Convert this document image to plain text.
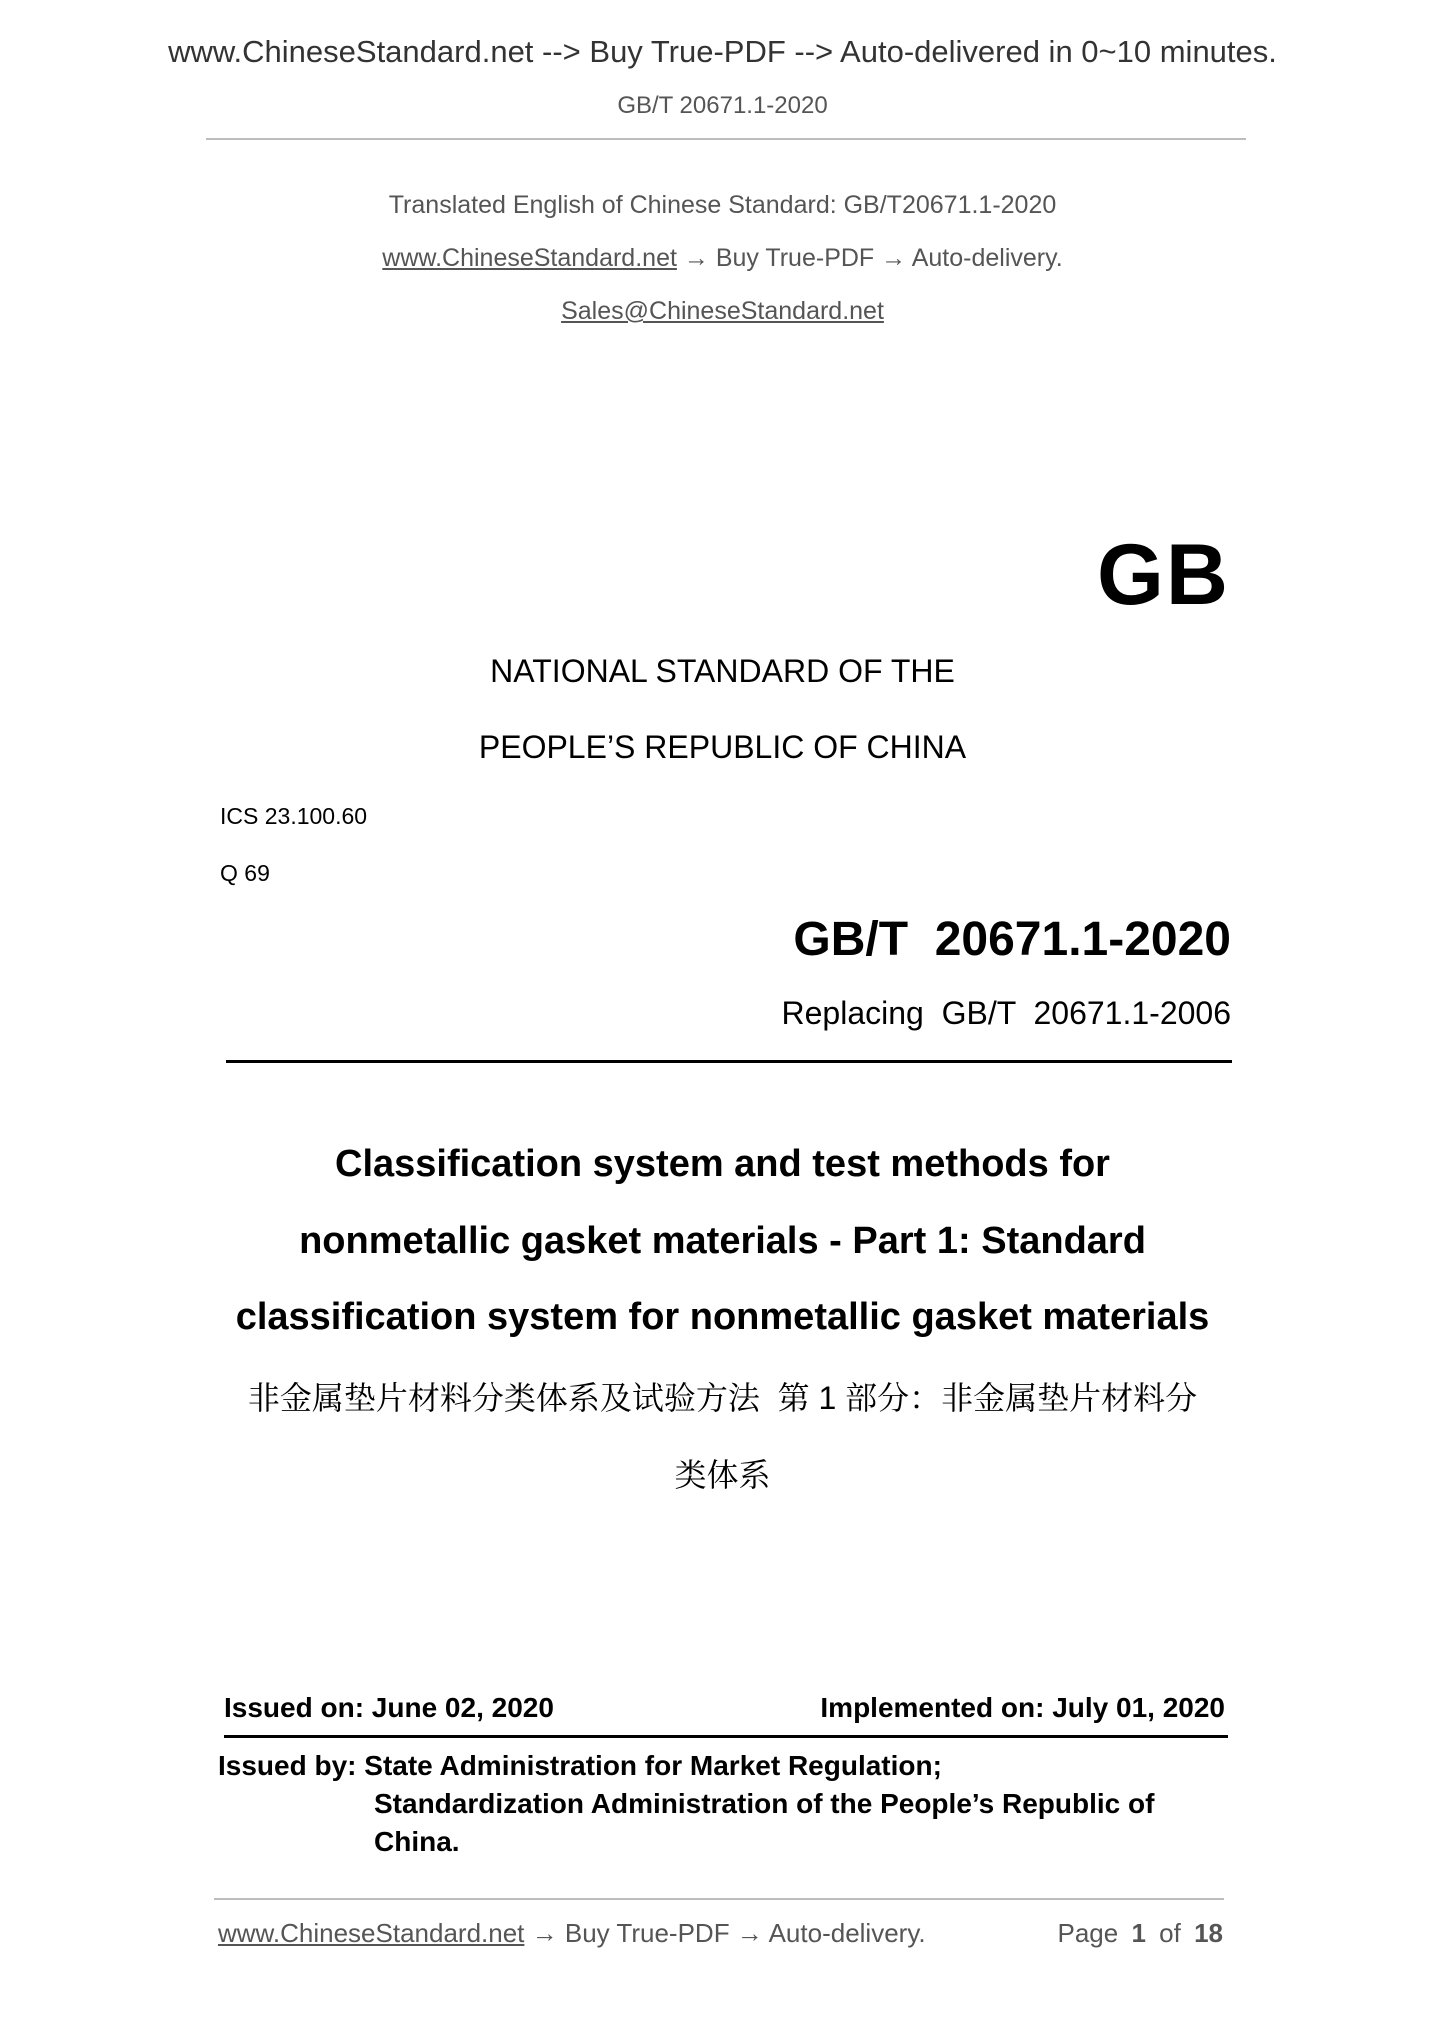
www.ChineseStandard.net --> Buy True-PDF --> Auto-delivered in 0~10 minutes.
GB/T 20671.1-2020
Translated English of Chinese Standard: GB/T20671.1-2020
www.ChineseStandard.net → Buy True-PDF → Auto-delivery.
Sales@ChineseStandard.net
GB
NATIONAL STANDARD OF THE
PEOPLE’S REPUBLIC OF CHINA
ICS 23.100.60
Q 69
GB/T  20671.1-2020
Replacing  GB/T  20671.1-2006
Classification system and test methods for
nonmetallic gasket materials - Part 1: Standard
classification system for nonmetallic gasket materials
非金属垫片材料分类体系及试验方法  第 1 部分：非金属垫片材料分
类体系
Issued on: June 02, 2020	Implemented on: July 01, 2020
Issued by: State Administration for Market Regulation;
Standardization Administration of the People’s Republic of
China.
www.ChineseStandard.net → Buy True-PDF → Auto-delivery.	Page 1 of 18
